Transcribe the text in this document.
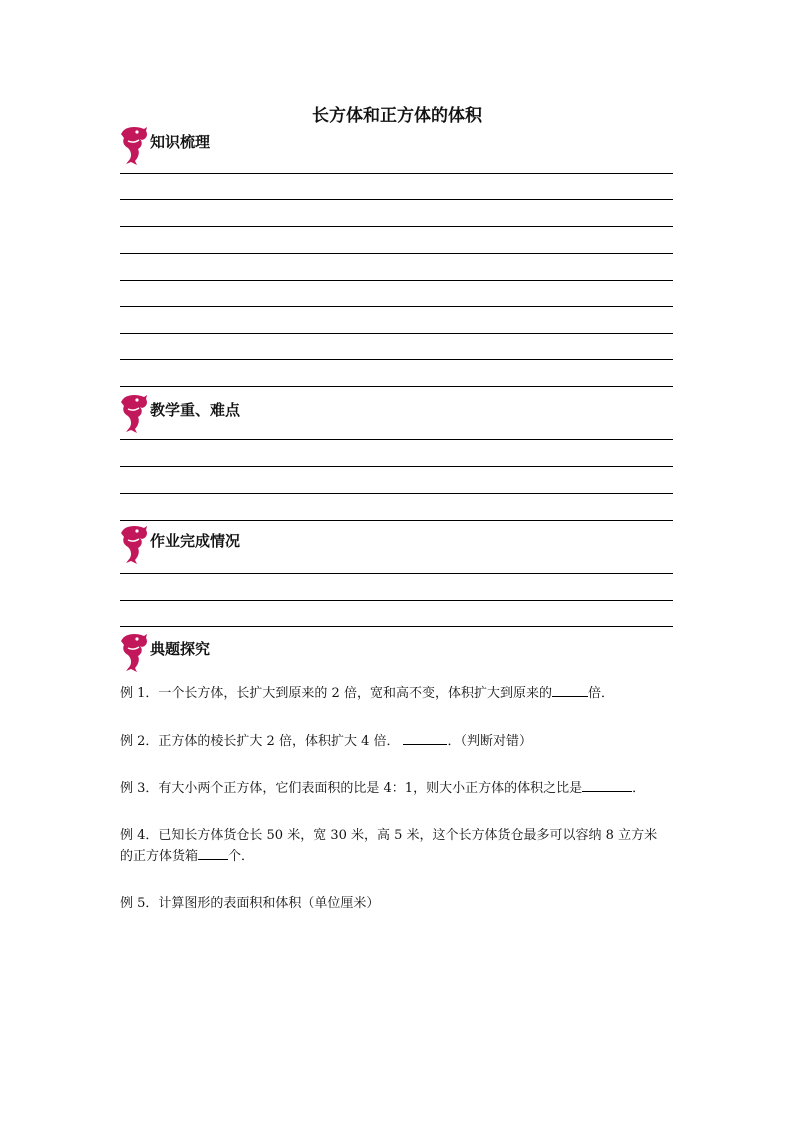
长方体和正方体的体积
知识梳理
教学重、难点
作业完成情况
典题探究
例 1．一个长方体，长扩大到原来的 2 倍，宽和高不变，体积扩大到原来的	倍．
例 2．正方体的棱长扩大 2 倍，体积扩大 4 倍．	．（判断对错）
例 3．有大小两个正方体，它们表面积的比是 4：1，则大小正方体的体积之比是	．
例 4．已知长方体货仓长 50 米，宽 30 米，高 5 米，这个长方体货仓最多可以容纳 8 立方米
的正方体货箱 个．
例 5．计算图形的表面积和体积（单位厘米）
